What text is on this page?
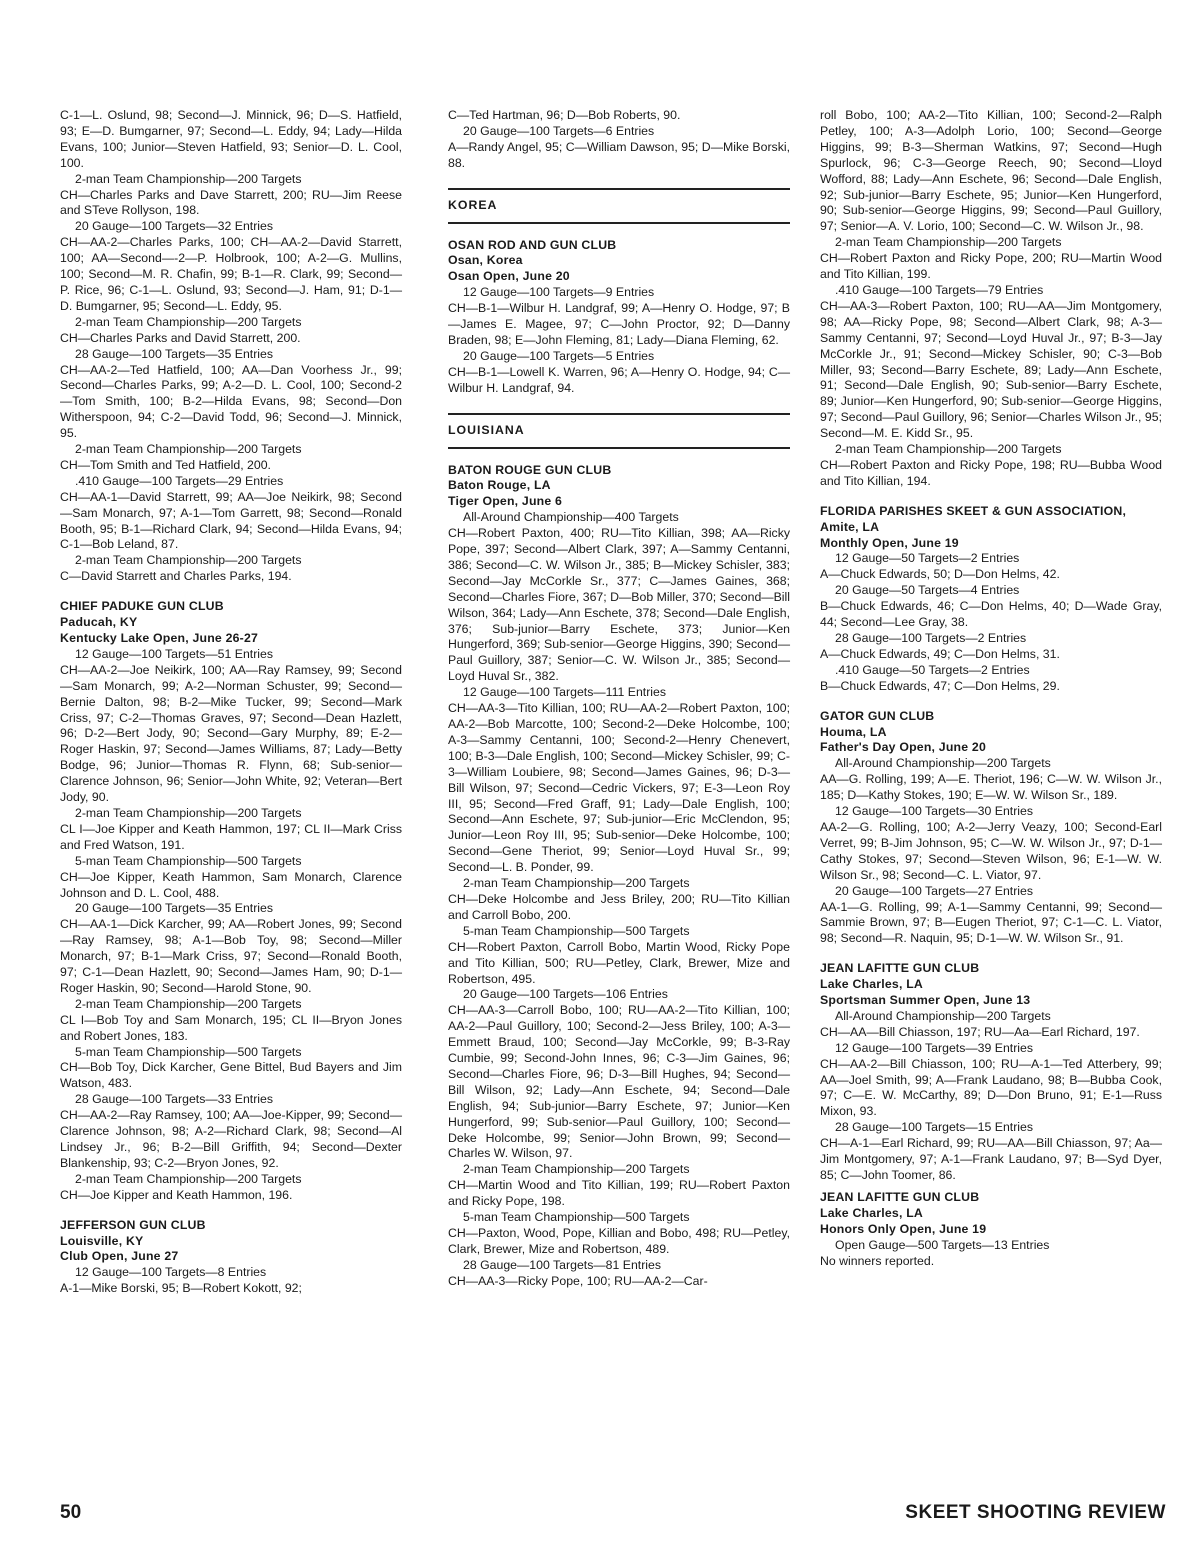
C-1—L. Oslund, 98; Second—J. Minnick, 96; D—S. Hatfield, 93; E—D. Bumgarner, 97; Second—L. Eddy, 94; Lady—Hilda Evans, 100; Junior—Steven Hatfield, 93; Senior—D. L. Cool, 100.

2-man Team Championship—200 Targets

CH—Charles Parks and Dave Starrett, 200; RU—Jim Reese and STeve Rollyson, 198.

20 Gauge—100 Targets—32 Entries

CH—AA-2—Charles Parks, 100; CH—AA-2—David Starrett, 100; AA—Second—-2—P. Holbrook, 100; A-2—G. Mullins, 100; Second—M. R. Chafin, 99; B-1—R. Clark, 99; Second—P. Rice, 96; C-1—L. Oslund, 93; Second—J. Ham, 91; D-1—D. Bumgarner, 95; Second—L. Eddy, 95.

2-man Team Championship—200 Targets

CH—Charles Parks and David Starrett, 200.

28 Gauge—100 Targets—35 Entries

CH—AA-2—Ted Hatfield, 100; AA—Dan Voorhess Jr., 99; Second—Charles Parks, 99; A-2—D. L. Cool, 100; Second-2—Tom Smith, 100; B-2—Hilda Evans, 98; Second—Don Witherspoon, 94; C-2—David Todd, 96; Second—J. Minnick, 95.

2-man Team Championship—200 Targets

CH—Tom Smith and Ted Hatfield, 200.

.410 Gauge—100 Targets—29 Entries

CH—AA-1—David Starrett, 99; AA—Joe Neikirk, 98; Second—Sam Monarch, 97; A-1—Tom Garrett, 98; Second—Ronald Booth, 95; B-1—Richard Clark, 94; Second—Hilda Evans, 94; C-1—Bob Leland, 87.

2-man Team Championship—200 Targets

C—David Starrett and Charles Parks, 194.

CHIEF PADUKE GUN CLUB

Paducah, KY

Kentucky Lake Open, June 26-27

12 Gauge—100 Targets—51 Entries

CH—AA-2—Joe Neikirk, 100; AA—Ray Ramsey, 99; Second—Sam Monarch, 99; A-2—Norman Schuster, 99; Second—Bernie Dalton, 98; B-2—Mike Tucker, 99; Second—Mark Criss, 97; C-2—Thomas Graves, 97; Second—Dean Hazlett, 96; D-2—Bert Jody, 90; Second—Gary Murphy, 89; E-2—Roger Haskin, 97; Second—James Williams, 87; Lady—Betty Bodge, 96; Junior—Thomas R. Flynn, 68; Sub-senior—Clarence Johnson, 96; Senior—John White, 92; Veteran—Bert Jody, 90.

2-man Team Championship—200 Targets

CL I—Joe Kipper and Keath Hammon, 197; CL II—Mark Criss and Fred Watson, 191.

5-man Team Championship—500 Targets

CH—Joe Kipper, Keath Hammon, Sam Monarch, Clarence Johnson and D. L. Cool, 488.

20 Gauge—100 Targets—35 Entries

CH—AA-1—Dick Karcher, 99; AA—Robert Jones, 99; Second—Ray Ramsey, 98; A-1—Bob Toy, 98; Second—Miller Monarch, 97; B-1—Mark Criss, 97; Second—Ronald Booth, 97; C-1—Dean Hazlett, 90; Second—James Ham, 90; D-1—Roger Haskin, 90; Second—Harold Stone, 90.

2-man Team Championship—200 Targets

CL I—Bob Toy and Sam Monarch, 195; CL II—Bryon Jones and Robert Jones, 183.

5-man Team Championship—500 Targets

CH—Bob Toy, Dick Karcher, Gene Bittel, Bud Bayers and Jim Watson, 483.

28 Gauge—100 Targets—33 Entries

CH—AA-2—Ray Ramsey, 100; AA—Joe-Kipper, 99; Second—Clarence Johnson, 98; A-2—Richard Clark, 98; Second—Al Lindsey Jr., 96; B-2—Bill Griffith, 94; Second—Dexter Blankenship, 93; C-2—Bryon Jones, 92.

2-man Team Championship—200 Targets

CH—Joe Kipper and Keath Hammon, 196.

JEFFERSON GUN CLUB

Louisville, KY

Club Open, June 27

12 Gauge—100 Targets—8 Entries

A-1—Mike Borski, 95; B—Robert Kokott, 92;

C—Ted Hartman, 96; D—Bob Roberts, 90.

20 Gauge—100 Targets—6 Entries

A—Randy Angel, 95; C—William Dawson, 95; D—Mike Borski, 88.

KOREA

OSAN ROD AND GUN CLUB

Osan, Korea

Osan Open, June 20

12 Gauge—100 Targets—9 Entries

CH—B-1—Wilbur H. Landgraf, 99; A—Henry O. Hodge, 97; B—James E. Magee, 97; C—John Proctor, 92; D—Danny Braden, 98; E—John Fleming, 81; Lady—Diana Fleming, 62.

20 Gauge—100 Targets—5 Entries

CH—B-1—Lowell K. Warren, 96; A—Henry O. Hodge, 94; C—Wilbur H. Landgraf, 94.

LOUISIANA

BATON ROUGE GUN CLUB

Baton Rouge, LA

Tiger Open, June 6

All-Around Championship—400 Targets

CH—Robert Paxton, 400; RU—Tito Killian, 398; AA—Ricky Pope, 397; Second—Albert Clark, 397; A—Sammy Centanni, 386; Second—C. W. Wilson Jr., 385; B—Mickey Schisler, 383; Second—Jay McCorkle Sr., 377; C—James Gaines, 368; Second—Charles Fiore, 367; D—Bob Miller, 370; Second—Bill Wilson, 364; Lady—Ann Eschete, 378; Second—Dale English, 376; Sub-junior—Barry Eschete, 373; Junior—Ken Hungerford, 369; Sub-senior—George Higgins, 390; Second—Paul Guillory, 387; Senior—C. W. Wilson Jr., 385; Second—Loyd Huval Sr., 382.

12 Gauge—100 Targets—111 Entries

CH—AA-3—Tito Killian, 100; RU—AA-2—Robert Paxton, 100; AA-2—Bob Marcotte, 100; Second-2—Deke Holcombe, 100; A-3—Sammy Centanni, 100; Second-2—Henry Chenevert, 100; B-3—Dale English, 100; Second—Mickey Schisler, 99; C-3—William Loubiere, 98; Second—James Gaines, 96; D-3—Bill Wilson, 97; Second—Cedric Vickers, 97; E-3—Leon Roy III, 95; Second—Fred Graff, 91; Lady—Dale English, 100; Second—Ann Eschete, 97; Sub-junior—Eric McClendon, 95; Junior—Leon Roy III, 95; Sub-senior—Deke Holcombe, 100; Second—Gene Theriot, 99; Senior—Loyd Huval Sr., 99; Second—L. B. Ponder, 99.

2-man Team Championship—200 Targets

CH—Deke Holcombe and Jess Briley, 200; RU—Tito Killian and Carroll Bobo, 200.

5-man Team Championship—500 Targets

CH—Robert Paxton, Carroll Bobo, Martin Wood, Ricky Pope and Tito Killian, 500; RU—Petley, Clark, Brewer, Mize and Robertson, 495.

20 Gauge—100 Targets—106 Entries

CH—AA-3—Carroll Bobo, 100; RU—AA-2—Tito Killian, 100; AA-2—Paul Guillory, 100; Second-2—Jess Briley, 100; A-3—Emmett Braud, 100; Second—Jay McCorkle, 99; B-3-Ray Cumbie, 99; Second-John Innes, 96; C-3—Jim Gaines, 96; Second—Charles Fiore, 96; D-3—Bill Hughes, 94; Second—Bill Wilson, 92; Lady—Ann Eschete, 94; Second—Dale English, 94; Sub-junior—Barry Eschete, 97; Junior—Ken Hungerford, 99; Sub-senior—Paul Guillory, 100; Second—Deke Holcombe, 99; Senior—John Brown, 99; Second—Charles W. Wilson, 97.

2-man Team Championship—200 Targets

CH—Martin Wood and Tito Killian, 199; RU—Robert Paxton and Ricky Pope, 198.

5-man Team Championship—500 Targets

CH—Paxton, Wood, Pope, Killian and Bobo, 498; RU—Petley, Clark, Brewer, Mize and Robertson, 489.

28 Gauge—100 Targets—81 Entries

CH—AA-3—Ricky Pope, 100; RU—AA-2—Car-

roll Bobo, 100; AA-2—Tito Killian, 100; Second-2—Ralph Petley, 100; A-3—Adolph Lorio, 100; Second—George Higgins, 99; B-3—Sherman Watkins, 97; Second—Hugh Spurlock, 96; C-3—George Reech, 90; Second—Lloyd Wofford, 88; Lady—Ann Eschete, 96; Second—Dale English, 92; Sub-junior—Barry Eschete, 95; Junior—Ken Hungerford, 90; Sub-senior—George Higgins, 99; Second—Paul Guillory, 97; Senior—A. V. Lorio, 100; Second—C. W. Wilson Jr., 98.

2-man Team Championship—200 Targets

CH—Robert Paxton and Ricky Pope, 200; RU—Martin Wood and Tito Killian, 199.

.410 Gauge—100 Targets—79 Entries

CH—AA-3—Robert Paxton, 100; RU—AA—Jim Montgomery, 98; AA—Ricky Pope, 98; Second—Albert Clark, 98; A-3—Sammy Centanni, 97; Second—Loyd Huval Jr., 97; B-3—Jay McCorkle Jr., 91; Second—Mickey Schisler, 90; C-3—Bob Miller, 93; Second—Barry Eschete, 89; Lady—Ann Eschete, 91; Second—Dale English, 90; Sub-senior—Barry Eschete, 89; Junior—Ken Hungerford, 90; Sub-senior—George Higgins, 97; Second—Paul Guillory, 96; Senior—Charles Wilson Jr., 95; Second—M. E. Kidd Sr., 95.

2-man Team Championship—200 Targets

CH—Robert Paxton and Ricky Pope, 198; RU—Bubba Wood and Tito Killian, 194.

FLORIDA PARISHES SKEET & GUN ASSOCIATION, Amite, LA

Monthly Open, June 19

12 Gauge—50 Targets—2 Entries

A—Chuck Edwards, 50; D—Don Helms, 42.

20 Gauge—50 Targets—4 Entries

B—Chuck Edwards, 46; C—Don Helms, 40; D—Wade Gray, 44; Second—Lee Gray, 38.

28 Gauge—100 Targets—2 Entries

A—Chuck Edwards, 49; C—Don Helms, 31.

.410 Gauge—50 Targets—2 Entries

B—Chuck Edwards, 47; C—Don Helms, 29.

GATOR GUN CLUB

Houma, LA

Father's Day Open, June 20

All-Around Championship—200 Targets

AA—G. Rolling, 199; A—E. Theriot, 196; C—W. W. Wilson Jr., 185; D—Kathy Stokes, 190; E—W. W. Wilson Sr., 189.

12 Gauge—100 Targets—30 Entries

AA-2—G. Rolling, 100; A-2—Jerry Veazy, 100; Second-Earl Verret, 99; B-Jim Johnson, 95; C—W. W. Wilson Jr., 97; D-1—Cathy Stokes, 97; Second—Steven Wilson, 96; E-1—W. W. Wilson Sr., 98; Second—C. L. Viator, 97.

20 Gauge—100 Targets—27 Entries

AA-1—G. Rolling, 99; A-1—Sammy Centanni, 99; Second—Sammie Brown, 97; B—Eugen Theriot, 97; C-1—C. L. Viator, 98; Second—R. Naquin, 95; D-1—W. W. Wilson Sr., 91.

JEAN LAFITTE GUN CLUB

Lake Charles, LA

Sportsman Summer Open, June 13

All-Around Championship—200 Targets

CH—AA—Bill Chiasson, 197; RU—Aa—Earl Richard, 197.

12 Gauge—100 Targets—39 Entries

CH—AA-2—Bill Chiasson, 100; RU—A-1—Ted Atterbery, 99; AA—Joel Smith, 99; A—Frank Laudano, 98; B—Bubba Cook, 97; C—E. W. McCarthy, 89; D—Don Bruno, 91; E-1—Russ Mixon, 93.

28 Gauge—100 Targets—15 Entries

CH—A-1—Earl Richard, 99; RU—AA—Bill Chiasson, 97; Aa—Jim Montgomery, 97; A-1—Frank Laudano, 97; B—Syd Dyer, 85; C—John Toomer, 86.

JEAN LAFITTE GUN CLUB

Lake Charles, LA

Honors Only Open, June 19

Open Gauge—500 Targets—13 Entries

No winners reported.

50	SKEET SHOOTING REVIEW
